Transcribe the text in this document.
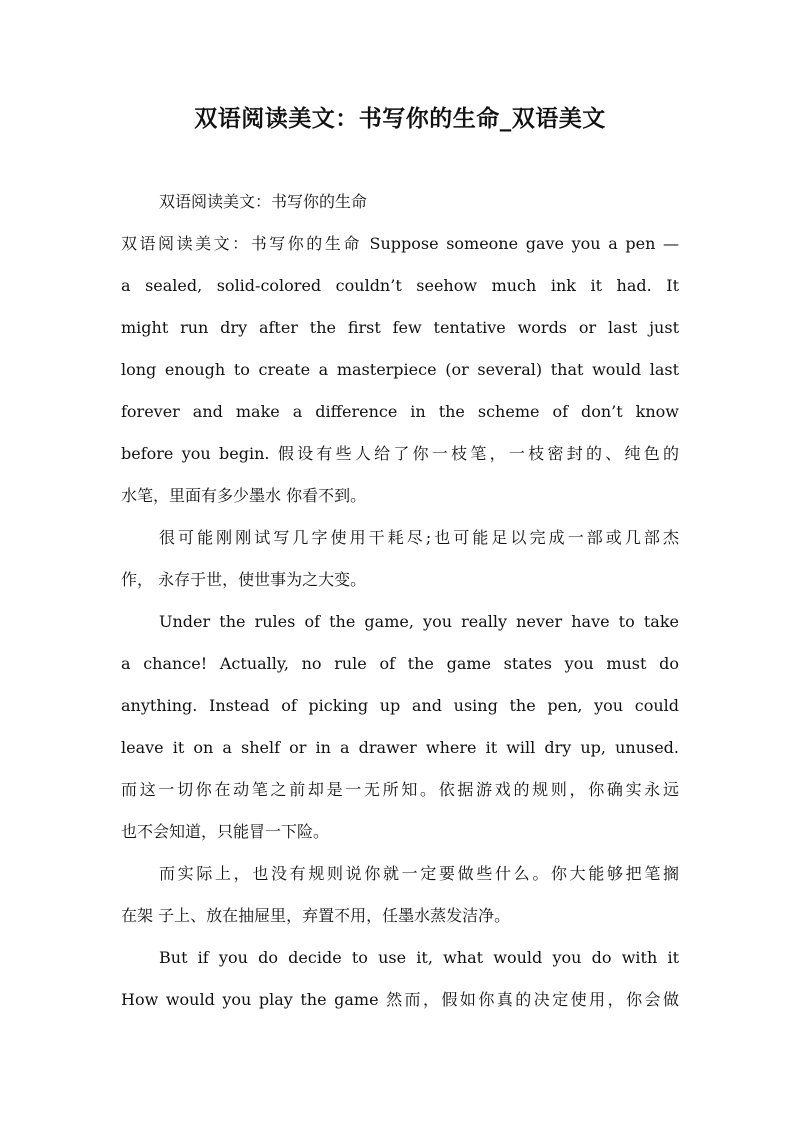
双语阅读美文：书写你的生命_双语美文
双语阅读美文：书写你的生命
双语阅读美文：书写你的生命 Suppose someone gave you a pen —
a sealed, solid-colored couldn’t seehow much ink it had. It
might run dry after the first few tentative words or last just
long enough to create a masterpiece (or several) that would last
forever and make a difference in the scheme of don’t know
before you begin. 假设有些人给了你一枝笔，一枝密封的、纯色的
水笔，里面有多少墨水 你看不到。
很可能刚刚试写几字使用干耗尽;也可能足以完成一部或几部杰
作， 永存于世，使世事为之大变。
Under the rules of the game, you really never have to take
a chance! Actually, no rule of the game states you must do
anything. Instead of picking up and using the pen, you could
leave it on a shelf or in a drawer where it will dry up, unused.
而这一切你在动笔之前却是一无所知。依据游戏的规则，你确实永远
也不会知道，只能冒一下险。
而实际上，也没有规则说你就一定要做些什么。你大能够把笔搁
在架 子上、放在抽屉里，弃置不用，任墨水蒸发洁净。
But if you do decide to use it, what would you do with it
How would you play the game 然而，假如你真的决定使用，你会做
